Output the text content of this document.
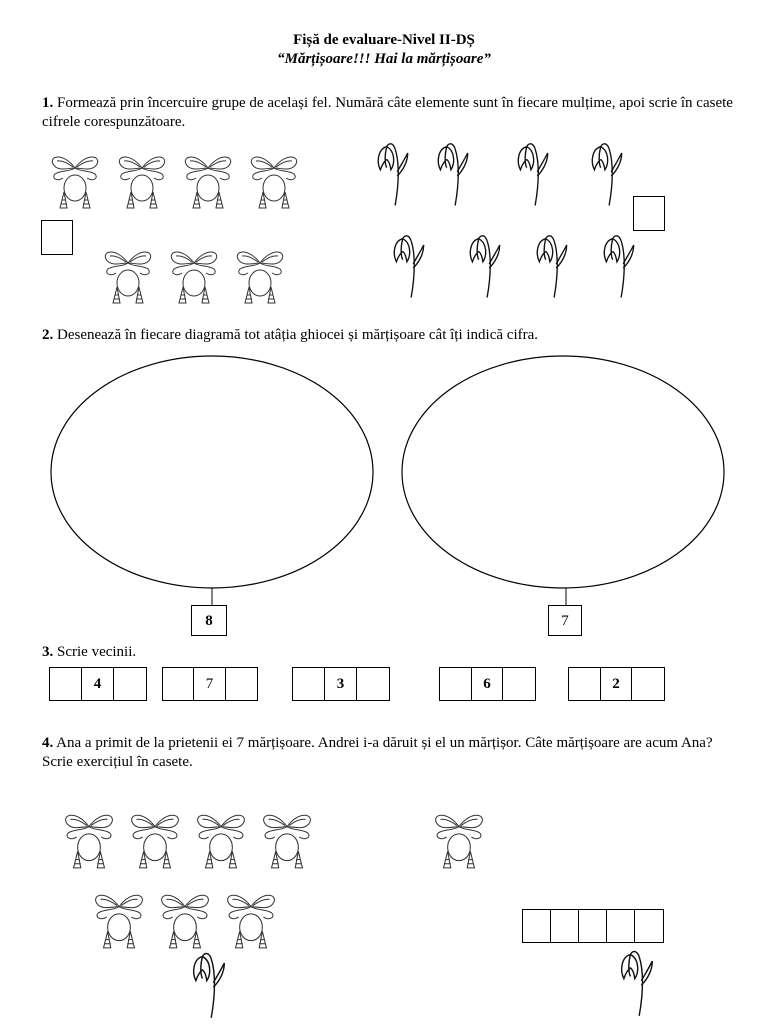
Fișă de evaluare-Nivel II-DȘ
“Mărțișoare!!! Hai la mărțișoare”
1. Formează prin încercuire grupe de același fel. Numără câte elemente sunt în fiecare mulțime, apoi scrie în casete cifrele corespunzătoare.
2. Desenează în fiecare diagramă tot atâția ghiocei și mărțișoare cât îți indică cifra.
8	7
3. Scrie vecinii.
4	7	3	6	2
4. Ana a primit de la prietenii ei 7 mărțișoare. Andrei i-a dăruit și el un mărțișor. Câte mărțișoare are acum Ana? Scrie exercițiul în casete.
